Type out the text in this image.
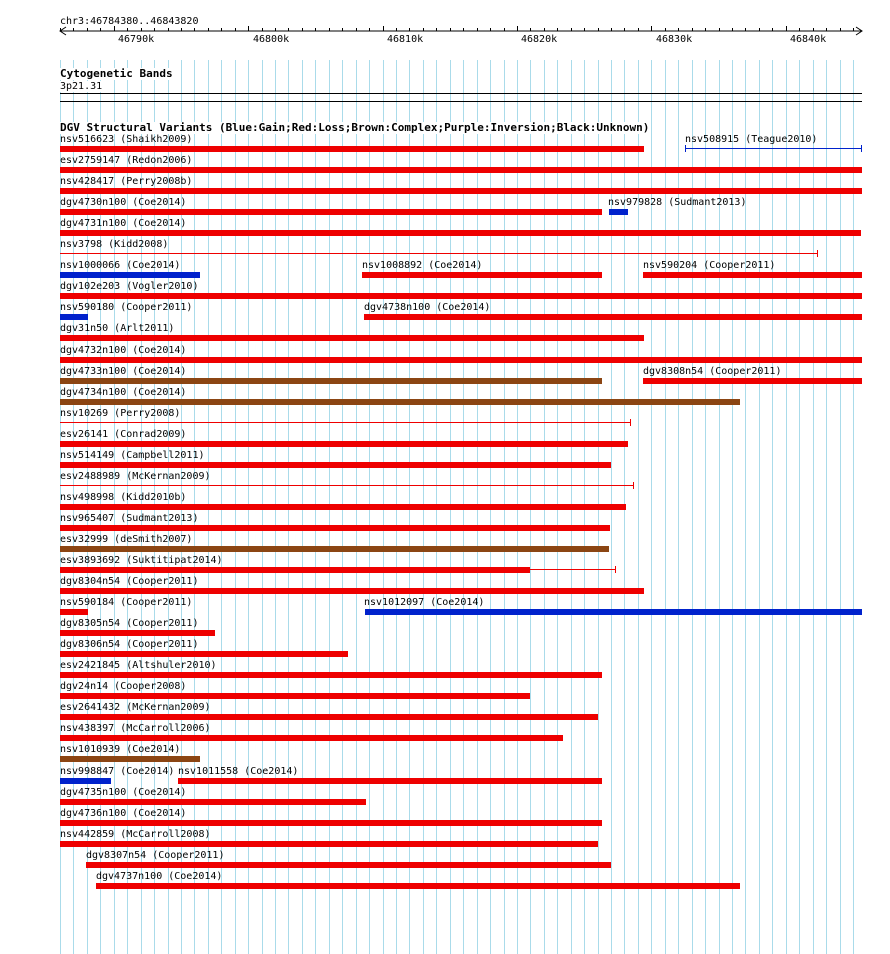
chr3:46784380..46843820
46790k	46800k	46810k	46820k	46830k	46840k
Cytogenetic Bands
3p21.31
DGV Structural Variants (Blue:Gain;Red:Loss;Brown:Complex;Purple:Inversion;Black:Unknown)
nsv516623 (Shaikh2009)	nsv508915 (Teague2010)
esv2759147 (Redon2006)
nsv428417 (Perry2008b)
dgv4730n100 (Coe2014)	nsv979828 (Sudmant2013)
dgv4731n100 (Coe2014)
nsv3798 (Kidd2008)
nsv1000066 (Coe2014)	nsv1008892 (Coe2014)	nsv590204 (Cooper2011)
dgv102e203 (Vogler2010)
nsv590180 (Cooper2011)	dgv4738n100 (Coe2014)
dgv31n50 (Arlt2011)
dgv4732n100 (Coe2014)
dgv4733n100 (Coe2014)	dgv8308n54 (Cooper2011)
dgv4734n100 (Coe2014)
nsv10269 (Perry2008)
esv26141 (Conrad2009)
nsv514149 (Campbell2011)
esv2488989 (McKernan2009)
nsv498998 (Kidd2010b)
nsv965407 (Sudmant2013)
esv32999 (deSmith2007)
esv3893692 (Suktitipat2014)
dgv8304n54 (Cooper2011)
nsv590184 (Cooper2011)	nsv1012097 (Coe2014)
dgv8305n54 (Cooper2011)
dgv8306n54 (Cooper2011)
esv2421845 (Altshuler2010)
dgv24n14 (Cooper2008)
esv2641432 (McKernan2009)
nsv438397 (McCarroll2006)
nsv1010939 (Coe2014)
nsv998847 (Coe2014) nsv1011558 (Coe2014)
dgv4735n100 (Coe2014)
dgv4736n100 (Coe2014)
nsv442859 (McCarroll2008)
dgv8307n54 (Cooper2011)
dgv4737n100 (Coe2014)
